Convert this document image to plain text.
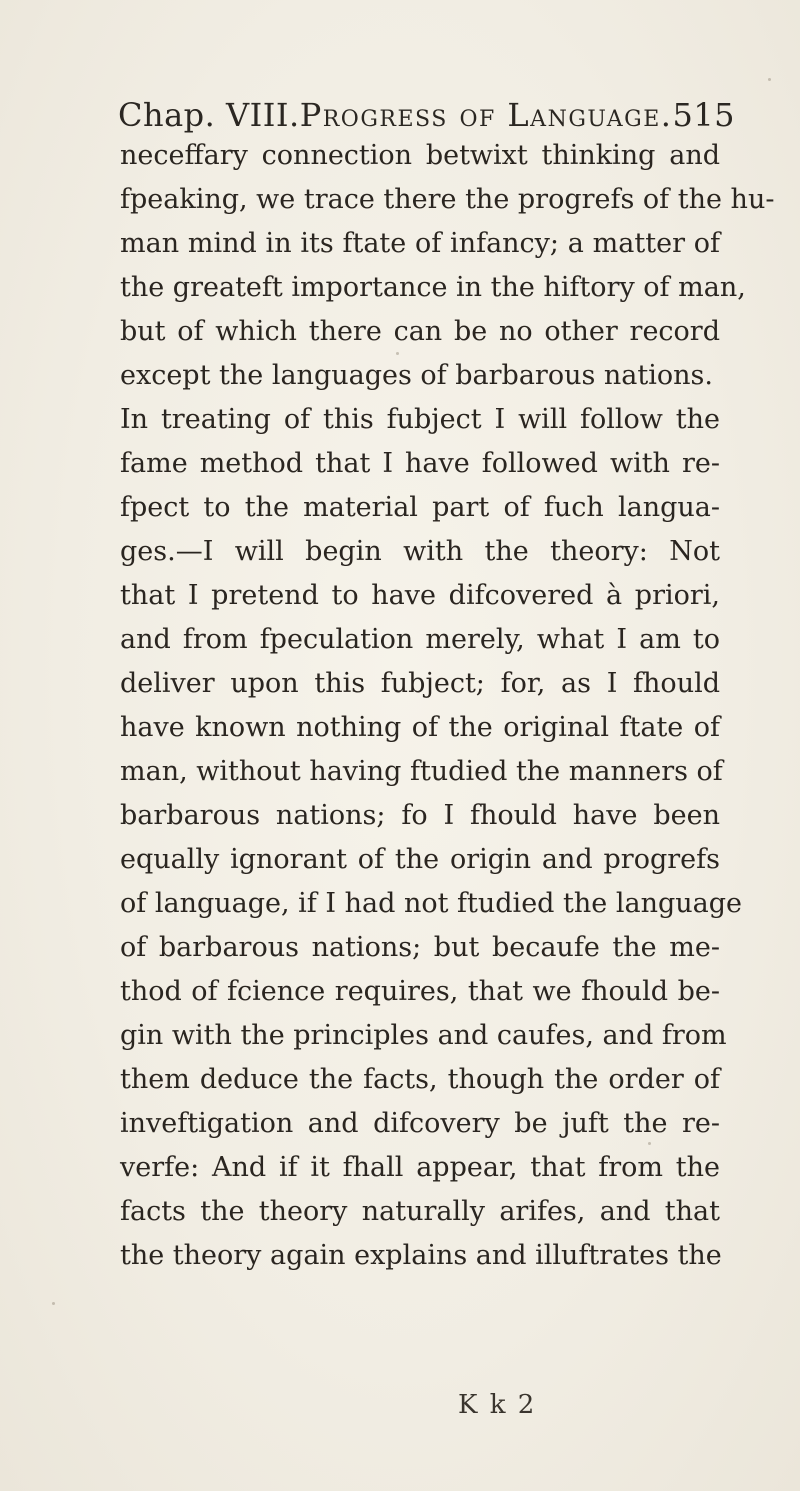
Chap. VIII.Progress of Language.515
neceffary connection betwixt thinking and
fpeaking, we trace there the progrefs of the hu-
man mind in its ftate of infancy; a matter of
the greateft importance in the hiftory of man,
but of which there can be no other record
except the languages of barbarous nations.
In treating of this fubject I will follow the
fame method that I have followed with re-
fpect to the material part of fuch langua-
ges.—I will begin with the theory: Not
that I pretend to have difcovered à priori,
and from fpeculation merely, what I am to
deliver upon this fubject; for, as I fhould
have known nothing of the original ftate of
man, without having ftudied the manners of
barbarous nations; fo I fhould have been
equally ignorant of the origin and progrefs
of language, if I had not ftudied the language
of barbarous nations; but becaufe the me-
thod of fcience requires, that we fhould be-
gin with the principles and caufes, and from
them deduce the facts, though the order of
inveftigation and difcovery be juft the re-
verfe: And if it fhall appear, that from the
facts the theory naturally arifes, and that
the theory again explains and illuftrates the
K k 2
